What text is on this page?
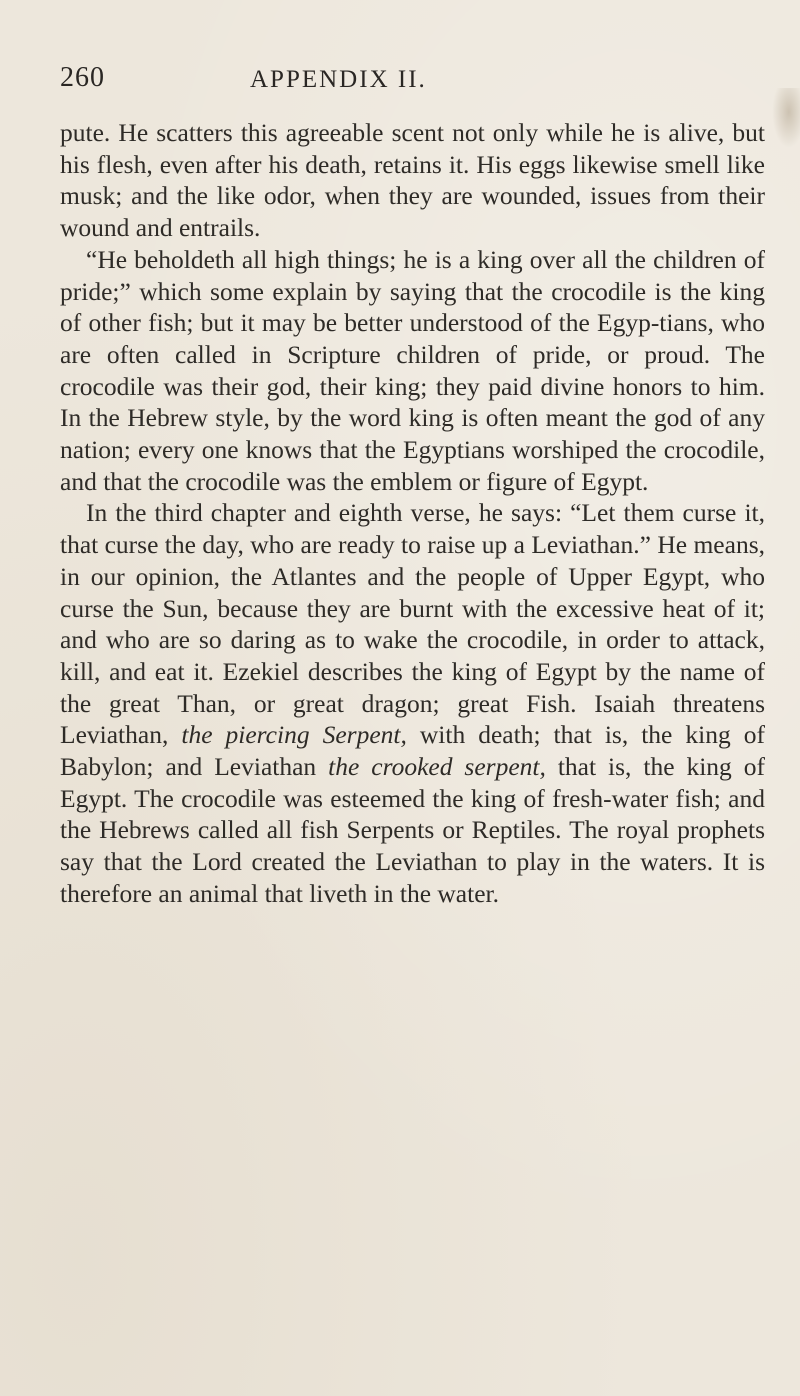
260	APPENDIX II.

pute. He scatters this agreeable scent not only while he is alive, but his flesh, even after his death, retains it. His eggs likewise smell like musk; and the like odor, when they are wounded, issues from their wound and entrails.

“He beholdeth all high things; he is a king over all the children of pride;” which some explain by saying that the crocodile is the king of other fish; but it may be better understood of the Egyp-tians, who are often called in Scripture children of pride, or proud. The crocodile was their god, their king; they paid divine honors to him. In the Hebrew style, by the word king is often meant the god of any nation; every one knows that the Egyptians worshiped the crocodile, and that the crocodile was the emblem or figure of Egypt.

In the third chapter and eighth verse, he says: “Let them curse it, that curse the day, who are ready to raise up a Leviathan.” He means, in our opinion, the Atlantes and the people of Upper Egypt, who curse the Sun, because they are burnt with the excessive heat of it; and who are so daring as to wake the crocodile, in order to attack, kill, and eat it. Ezekiel describes the king of Egypt by the name of the great Than, or great dragon; great Fish. Isaiah threatens Leviathan, the piercing Serpent, with death; that is, the king of Babylon; and Leviathan the crooked serpent, that is, the king of Egypt. The crocodile was esteemed the king of fresh-water fish; and the Hebrews called all fish Serpents or Reptiles. The royal prophets say that the Lord created the Leviathan to play in the waters. It is therefore an animal that liveth in the water.
